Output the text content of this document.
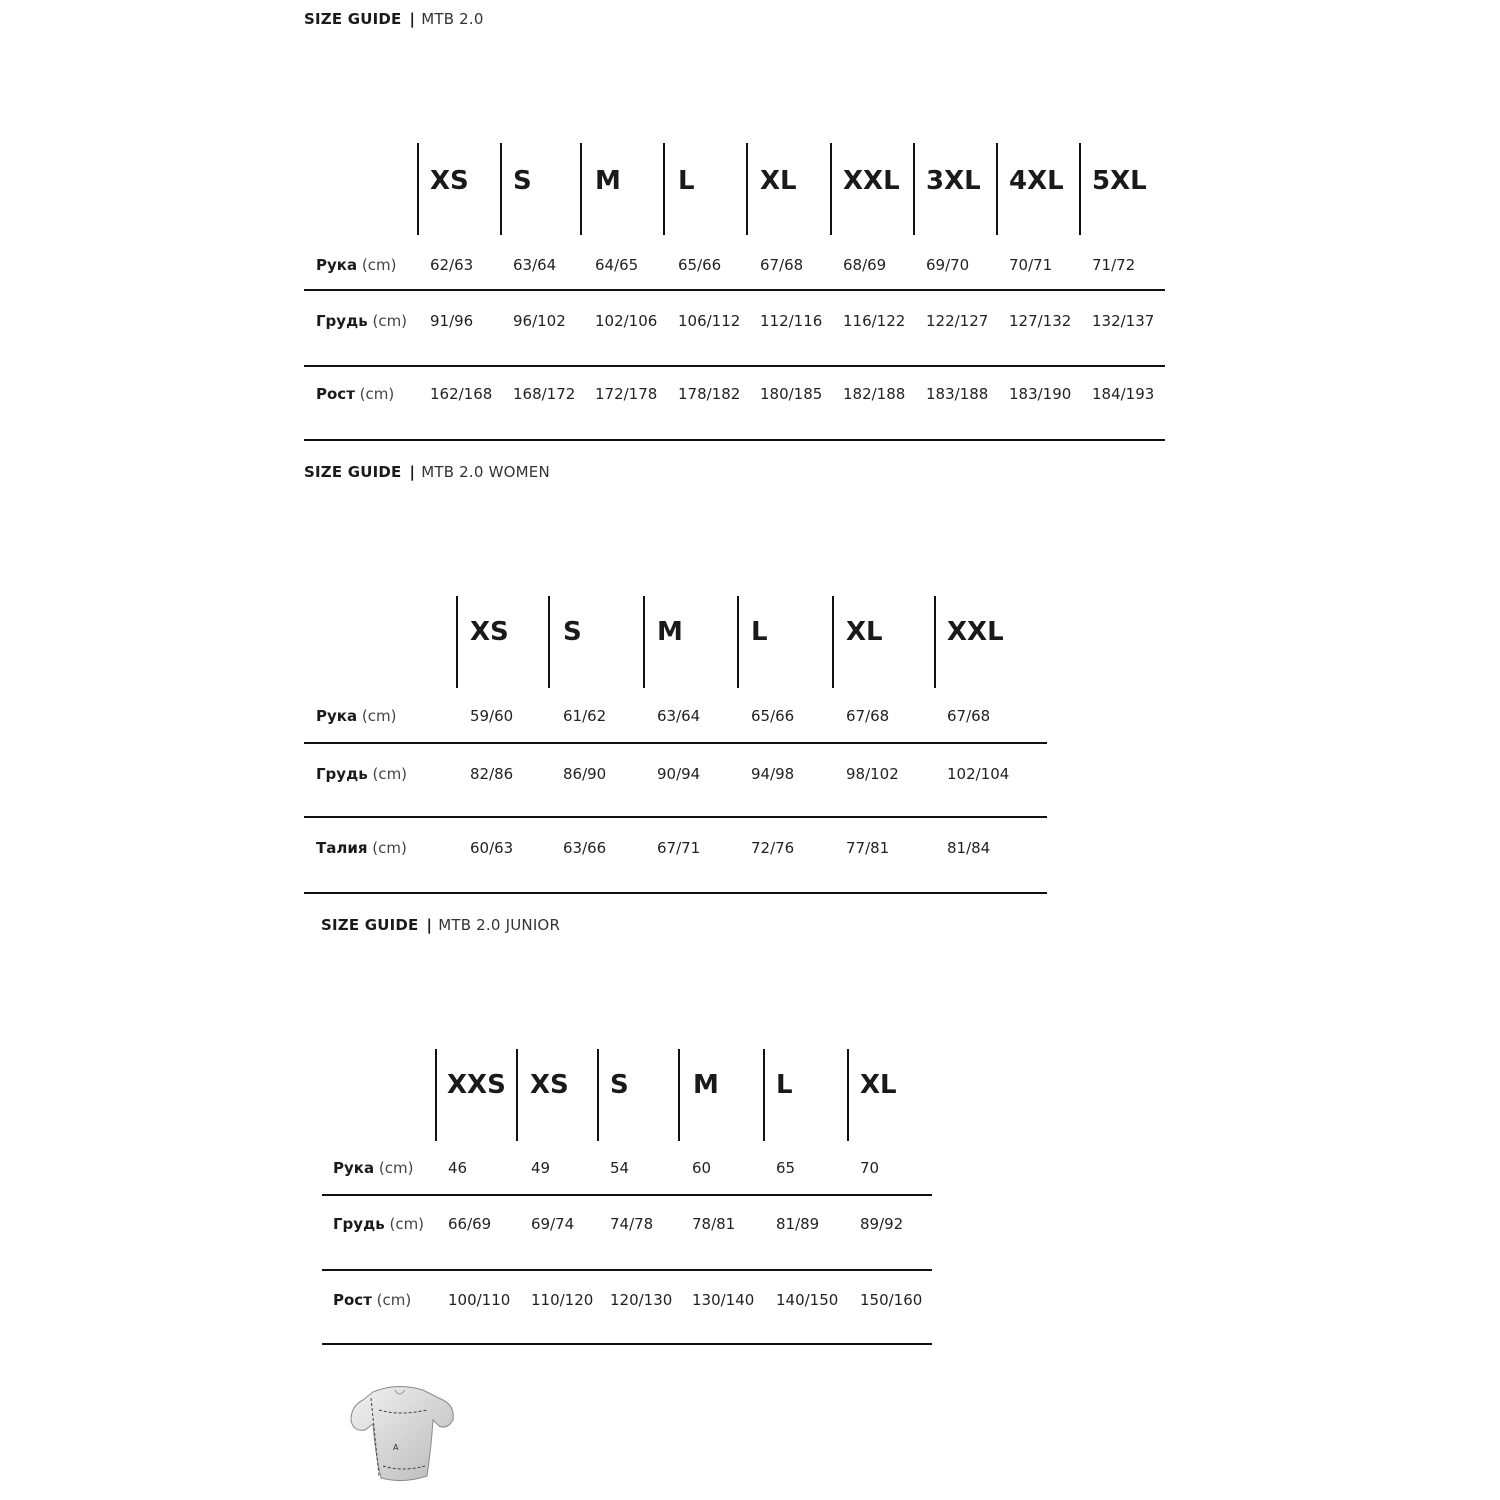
SIZE GUIDE | MTB 2.0
XS S M L	XL XXL 3XL 4XL 5XL
Рука (cm) 62/63	63/64	64/65	65/66	67/68	68/69	69/70	70/71	71/72
Грудь (cm) 91/96	96/102 102/106 106/112 112/116 116/122 122/127 127/132 132/137
Рост (cm) 162/168 168/172 172/178 178/182 180/185 182/188 183/188 183/190 184/193
SIZE GUIDE | MTB 2.0 WOMEN
XS S	M	L	XL XXL
Рука (cm)	59/60	61/62	63/64	65/66	67/68	67/68
Грудь (cm)	82/86	86/90	90/94	94/98	98/102	102/104
Талия (cm)	60/63	63/66	67/71	72/76	77/81	81/84
SIZE GUIDE | MTB 2.0 JUNIOR
XXS XS S M L	XL
Рука (cm) 46	49	54	60	65	70
Грудь (cm) 66/69	69/74 74/78	78/81	81/89	89/92
Рост (cm) 100/110 110/120 120/130 130/140 140/150 150/160
A
